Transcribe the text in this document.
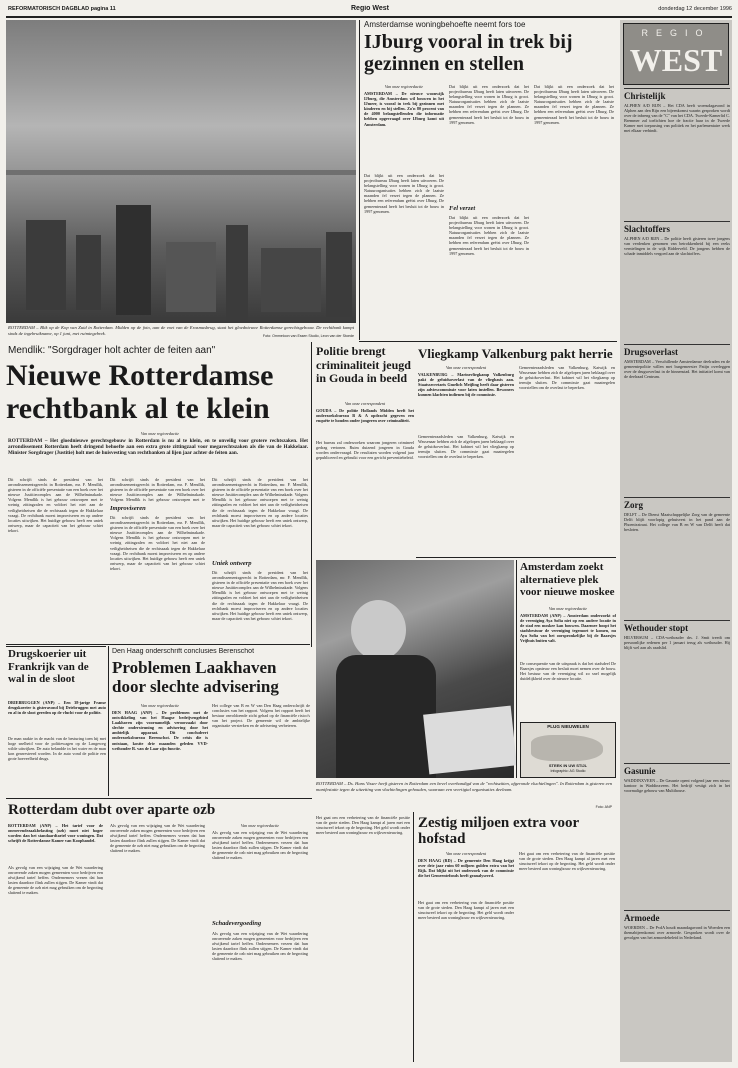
REFORMATORISCH DAGBLAD pagina 11	Regio West	donderdag 12 december 1996
ROTTERDAM – Blik op de Kop van Zuid in Rotterdam. Midden op de foto, aan de voet van de Erasmusbrug, staat het gloednieuwe Rotterdamse gerechtsgebouw. De rechtbank kampt sinds de ingebruikname, op 1 juni, met ruimtegebrek.
Foto: Ommeloon van Essen Studio, Leon van der Stoede
Mendlik: "Sorgdrager holt achter de feiten aan"
Nieuwe Rotterdamse rechtbank al te klein
Van onze regioredactie
ROTTERDAM – Het gloednieuwe gerechtsgebouw in Rotterdam is nu al te klein, en te onveilig voor grotere rechtszaken. Het arrondissement Rotterdam heeft dringend behoefte aan een extra grote zittingzaal voor megarechtszaken als die van de Hakkelaar. Minister Sorgdrager (Justitie) holt met de huisvesting van rechtbanken al lijen jaar achter de feiten aan.
Dit schrijft sinds de president van het arrondissementsgerecht in Rotterdam, mr. F. Mendlik, gisteren in de officiële presentatie van een boek over het nieuwe Justitiecomplex aan de Wilhelminakade. Volgens Mendlik is het gebouw ontworpen met te weinig zittingzalen en voldoet het niet aan de veiligheidseisen die de rechtszaak tegen de Hakkelaar vraagt. De rechtbank moest improviseren en op andere locaties uitwijken. Het huidige gebouw heeft een uniek ontwerp, maar de capaciteit van het gebouw schiet tekort.
Dit schrijft sinds de president van het arrondissementsgerecht in Rotterdam, mr. F. Mendlik, gisteren in de officiële presentatie van een boek over het nieuwe Justitiecomplex aan de Wilhelminakade. Volgens Mendlik is het gebouw ontworpen met te
Improviseren
Dit schrijft sinds de president van het arrondissementsgerecht in Rotterdam, mr. F. Mendlik, gisteren in de officiële presentatie van een boek over het nieuwe Justitiecomplex aan de Wilhelminakade. Volgens Mendlik is het gebouw ontworpen met te weinig zittingzalen en voldoet het niet aan de veiligheidseisen die de rechtszaak tegen de Hakkelaar vraagt. De rechtbank moest improviseren en op andere locaties uitwijken. Het huidige gebouw heeft een uniek ontwerp, maar de capaciteit van het gebouw schiet tekort.
Dit schrijft sinds de president van het arrondissementsgerecht in Rotterdam, mr. F. Mendlik, gisteren in de officiële presentatie van een boek over het nieuwe Justitiecomplex aan de Wilhelminakade. Volgens Mendlik is het gebouw ontworpen met te weinig zittingzalen en voldoet het niet aan de veiligheidseisen die de rechtszaak tegen de Hakkelaar vraagt. De rechtbank moest improviseren en op andere locaties uitwijken. Het huidige gebouw heeft een uniek ontwerp, maar de capaciteit van het gebouw schiet tekort.
Uniek ontwerp
Dit schrijft sinds de president van het arrondissementsgerecht in Rotterdam, mr. F. Mendlik, gisteren in de officiële presentatie van een boek over het nieuwe Justitiecomplex aan de Wilhelminakade. Volgens Mendlik is het gebouw ontworpen met te weinig zittingzalen en voldoet het niet aan de veiligheidseisen die de rechtszaak tegen de Hakkelaar vraagt. De rechtbank moest improviseren en op andere locaties uitwijken. Het huidige gebouw heeft een uniek ontwerp, maar de capaciteit van het gebouw schiet tekort.
Politie brengt criminaliteit jeugd in Gouda in beeld
Van onze correspondent
GOUDA – De politie Hollands Midden heeft het onderzoeksbureau B & A opdracht gegeven een enquête te houden onder jongeren over criminaliteit.
Het bureau zal onderzoeken waarom jongeren crimineel gedrag vertonen. Ruim duizend jongeren in Gouda worden ondervraagd. De resultaten worden volgend jaar gepubliceerd en gebruikt voor een gericht preventiebeleid.
Amsterdamse woningbehoefte neemt fors toe
IJburg vooral in trek bij gezinnen en stellen
Van onze regioredactie
AMSTERDAM – De nieuwe woonwijk IJburg, die Amsterdam wil bouwen in het IJmeer, is vooral in trek bij gezinnen met kinderen en bij stellen. Zo'n 80 procent van de 4000 belangstellenden die informatie hebben opgevraagd over IJburg komt uit Amsterdam.
Dat blijkt uit een onderzoek dat het projectbureau IJburg heeft laten uitvoeren. De belangstelling voor wonen in IJburg is groot. Natuurorganisaties hebben zich de laatste maanden fel verzet tegen de plannen. Ze hebben een referendum geëist over IJburg. De gemeenteraad heeft het besluit tot de bouw in 1997 genomen.
Dat blijkt uit een onderzoek dat het projectbureau IJburg heeft laten uitvoeren. De belangstelling voor wonen in IJburg is groot. Natuurorganisaties hebben zich de laatste maanden fel verzet tegen de plannen. Ze hebben een referendum geëist over IJburg. De gemeenteraad heeft het besluit tot de bouw in 1997 genomen.
Fel verzet
Dat blijkt uit een onderzoek dat het projectbureau IJburg heeft laten uitvoeren. De belangstelling voor wonen in IJburg is groot. Natuurorganisaties hebben zich de laatste maanden fel verzet tegen de plannen. Ze hebben een referendum geëist over IJburg. De gemeenteraad heeft het besluit tot de bouw in 1997 genomen.
Dat blijkt uit een onderzoek dat het projectbureau IJburg heeft laten uitvoeren. De belangstelling voor wonen in IJburg is groot. Natuurorganisaties hebben zich de laatste maanden fel verzet tegen de plannen. Ze hebben een referendum geëist over IJburg. De gemeenteraad heeft het besluit tot de bouw in 1997 genomen.
Vliegkamp Valkenburg pakt herrie
Van onze correspondent
VALKENBURG – Marinevliegkamp Valkenburg pakt de geluidsoverlast van de vliegbasis aan. Staatssecretaris Gmelich Meijling heeft daar gisteren zijn adviescommissie voor laten instellen. Bewoners kunnen klachten indienen bij de commissie.
Gemeenteraadsleden van Valkenburg, Katwijk en Wassenaar hebben zich de afgelopen jaren beklaagd over de geluidsoverlast. Het kabinet wil het vliegkamp op termijn sluiten. De commissie gaat maatregelen voorstellen om de overlast te beperken.
Gemeenteraadsleden van Valkenburg, Katwijk en Wassenaar hebben zich de afgelopen jaren beklaagd over de geluidsoverlast. Het kabinet wil het vliegkamp op termijn sluiten. De commissie gaat maatregelen voorstellen om de overlast te beperken.
ROTTERDAM – Ds. Hans Visser heeft gisteren in Rotterdam een bevel overhandigd van de "rechtszitten, afgeronde vluchtelingen". In Rotterdam is gisteren een manifestatie tegen de uitzetting van vluchtelingen gehouden, waaraan een veertigtal organisaties deelnam.
Foto: ANP
Amsterdam zoekt alternatieve plek voor nieuwe moskee
Van onze regioredactie
AMSTERDAM (ANP) – Amsterdam onderzoekt of de vereniging Aya Sofia niet op een andere locatie in de stad een moskee kan bouwen. Daarmee hoopt het stadsbestuur de vereniging tegemoet te komen, nu Aya Sofia van het oorspronkelijke bij de Baarsjes Vrijhuis buiten valt.
De consequentie van de uitspraak is dat het stadsdeel De Baarsjes opnieuw een besluit moet nemen over de bouw. Het bestuur van de vereniging wil zo snel mogelijk duidelijkheid over de nieuwe locatie.
PLUG NIEUWELEN
STEEK IN UW STIJL
Infographic: AG Studio
Drugskoerier uit Frankrijk van de wal in de sloot
DRIEBRUGGEN (ANP) – Een 38-jarige Franse drugskoerier is gisteravond bij Driebruggen met auto en al in de sloot gereden op de vlucht voor de politie.
De man raakte in de macht van de besturing toen hij met hoge snelheid voor de politiewagen op de Langeweg wilde uitwijken. De auto belandde in het water en de man kon gearresteerd worden. In de auto vond de politie een grote hoeveelheid drugs.
Den Haag onderschrift conclusies Berenschot
Problemen Laakhaven door slechte advisering
Van onze regioredactie
DEN HAAG (ANP) – De problemen met de ontwikkeling van het Haagse bedrijvengebied Laakhaven zijn voornamelijk veroorzaakt door slechte ondersteuning en advisering door het ambtelijk apparaat. Dit concludeert onderzoeksbureau Berenschot. De crisis die is ontstaan, kostte drie maanden geleden VVD-wethouder R. van de Laar zijn functie.
Het college van B en W van Den Haag onderschrijft de conclusies van het rapport. Volgens het rapport heeft het bestuur onvoldoende zicht gehad op de financiële risico's van het project. De gemeente wil de ambtelijke organisatie versterken en de advisering verbeteren.
Rotterdam dubt over aparte ozb
ROTTERDAM (ANP) – Het tarief voor de onroerendezaakbelasting (ozb) moet niet hoger worden dan het standaardtarief voor woningen. Dat schrijft de Rotterdamse Kamer van Koophandel.
Als gevolg van een wijziging van de Wet waardering onroerende zaken mogen gemeenten voor bedrijven een afwijkend tarief heffen. Ondernemers vrezen dat hun lasten daardoor flink zullen stijgen. De Kamer vindt dat de gemeente de ozb niet mag gebruiken om de begroting sluitend te maken.
Als gevolg van een wijziging van de Wet waardering onroerende zaken mogen gemeenten voor bedrijven een afwijkend tarief heffen. Ondernemers vrezen dat hun lasten daardoor flink zullen stijgen. De Kamer vindt dat de gemeente de ozb niet mag gebruiken om de begroting sluitend te maken.
Van onze regioredactie
Als gevolg van een wijziging van de Wet waardering onroerende zaken mogen gemeenten voor bedrijven een afwijkend tarief heffen. Ondernemers vrezen dat hun lasten daardoor flink zullen stijgen. De Kamer vindt dat de gemeente de ozb niet mag gebruiken om de begroting sluitend te maken.
Schadevergoeding
Als gevolg van een wijziging van de Wet waardering onroerende zaken mogen gemeenten voor bedrijven een afwijkend tarief heffen. Ondernemers vrezen dat hun lasten daardoor flink zullen stijgen. De Kamer vindt dat de gemeente de ozb niet mag gebruiken om de begroting sluitend te maken.
Het gaat om een verbetering van de financiële positie van de grote steden. Den Haag kampt al jaren met een structureel tekort op de begroting. Het geld wordt onder meer besteed aan woningbouw en wijkvernieuwing.
Zestig miljoen extra voor hofstad
Van onze correspondent
DEN HAAG (RD) – De gemeente Den Haag krijgt over drie jaar ruim 60 miljoen gulden extra van het Rijk. Dat blijkt uit het onderzoek van de commissie die het Gemeentefonds heeft geanalyseerd.
Het gaat om een verbetering van de financiële positie van de grote steden. Den Haag kampt al jaren met een structureel tekort op de begroting. Het geld wordt onder meer besteed aan woningbouw en wijkvernieuwing.
Het gaat om een verbetering van de financiële positie van de grote steden. Den Haag kampt al jaren met een structureel tekort op de begroting. Het geld wordt onder meer besteed aan woningbouw en wijkvernieuwing.
REGIO
WEST
Christelijk
ALPHEN A/D RIJN – Het CDA heeft woensdagavond in Alphen aan den Rijn een bijeenkomst waarin gesproken wordt over de inbreng van de "C" van het CDA. Tweede-Kamerlid C. Bremmer zal toelichten hoe de fractie haar in de Tweede Kamer met toepassing van politiek en het parlementaire werk met elkaar verbindt.
Slachtoffers
ALPHEN A/D RIJN – De politie heeft gisteren twee jongens van verdenken genomen van betrokkenheid bij een reeks vernielingen in de wijk Ridderveld. De jongens hebben de schade inmiddels vergoed aan de slachtoffers.
Drugsoverlast
AMSTERDAM – Verschillende Amsterdamse deelraden en de gemeentepolitie willen met burgemeester Patijn overleggen over de drugsoverlast in de binnenstad. Het initiatief komt van de deelraad Centrum.
Zorg
DELFT – De Dienst Maatschappelijke Zorg van de gemeente Delft blijft voorlopig gehuisvest in het pand aan de Phoenixstraat. Het college van B en W van Delft heeft dat besloten.
Wethouder stopt
HILVERSUM – CDA-wethouder drs. J. Smit treedt om persoonlijke redenen per 1 januari terug als wethouder. Hij blijft wel aan als raadslid.
Gasunie
WADDINXVEEN – De Gasunie opent volgend jaar een nieuw kantoor in Waddinxveen. Het bedrijf vestigt zich in het voormalige gebouw van Multihouse.
Armoede
WOERDEN – De PvdA houdt maandagavond in Woerden een themabijeenkomst over armoede. Gesproken wordt over de gevolgen van het armoedebeleid in Nederland.
